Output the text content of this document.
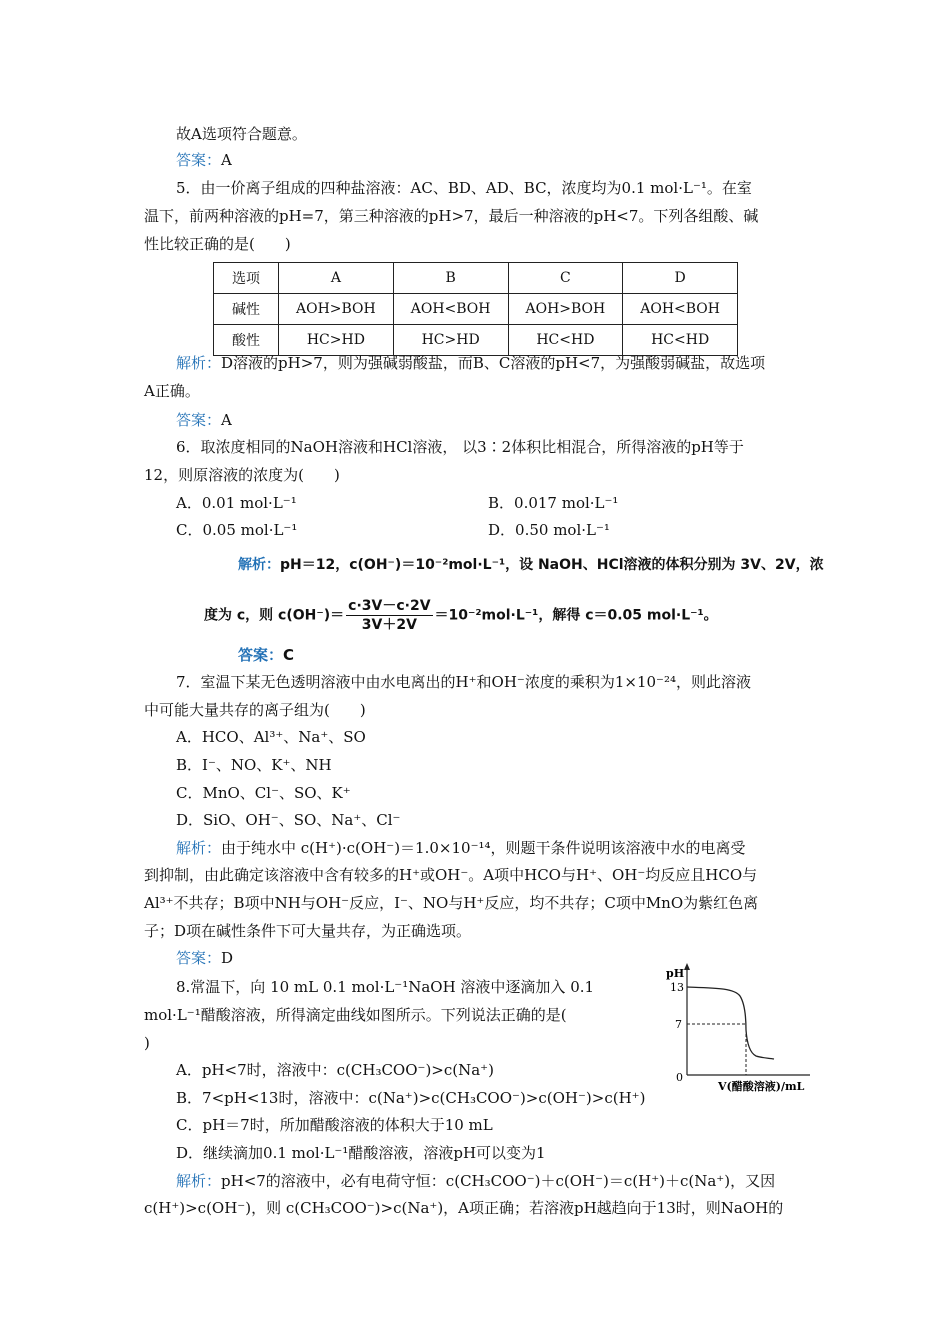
故A选项符合题意。
答案：A
5．由一价离子组成的四种盐溶液：AC、BD、AD、BC，浓度均为0.1 mol·L⁻¹。在室
温下，前两种溶液的pH=7，第三种溶液的pH>7，最后一种溶液的pH<7。下列各组酸、碱
性比较正确的是(　　)
选项	A	B	C	D
碱性	AOH>BOH	AOH<BOH	AOH>BOH	AOH<BOH
酸性	HC>HD	HC>HD	HC<HD	HC<HD
解析：D溶液的pH>7，则为强碱弱酸盐，而B、C溶液的pH<7，为强酸弱碱盐，故选项
A正确。
答案：A
6．取浓度相同的NaOH溶液和HCl溶液， 以3∶2体积比相混合，所得溶液的pH等于
12，则原溶液的浓度为(　　)
A．0.01 mol·L⁻¹	B．0.017 mol·L⁻¹
C．0.05 mol·L⁻¹	D．0.50 mol·L⁻¹
解析：pH＝12，c(OH⁻)＝10⁻²mol·L⁻¹，设 NaOH、HCl溶液的体积分别为 3V、2V，浓
度为 c，则 $c(OH^-)= \frac{c\cdot 3V-c\cdot 2V}{3V+2V} =10^{-2}mol\cdot L^{-1}$，解得 c＝0.05 mol·L⁻¹。
答案：C
7．室温下某无色透明溶液中由水电离出的H⁺和OH⁻浓度的乘积为1×10⁻²⁴，则此溶液
中可能大量共存的离子组为(　　)
A．HCO、Al³⁺、Na⁺、SO
B．I⁻、NO、K⁺、NH
C．MnO、Cl⁻、SO、K⁺
D．SiO、OH⁻、SO、Na⁺、Cl⁻
解析：由于纯水中 c(H⁺)·c(OH⁻)＝1.0×10⁻¹⁴，则题干条件说明该溶液中水的电离受
到抑制，由此确定该溶液中含有较多的H⁺或OH⁻。A项中HCO与H⁺、OH⁻均反应且HCO与
Al³⁺不共存；B项中NH与OH⁻反应，I⁻、NO与H⁺反应，均不共存；C项中MnO为紫红色离
子；D项在碱性条件下可大量共存，为正确选项。
答案：D
8.常温下，向 10 mL 0.1 mol·L⁻¹NaOH 溶液中逐滴加入 0.1
mol·L⁻¹醋酸溶液，所得滴定曲线如图所示。下列说法正确的是(
)
A．pH<7时，溶液中：c(CH₃COO⁻)>c(Na⁺)
B．7<pH<13时，溶液中：c(Na⁺)>c(CH₃COO⁻)>c(OH⁻)>c(H⁺)
C．pH＝7时，所加醋酸溶液的体积大于10 mL
D．继续滴加0.1 mol·L⁻¹醋酸溶液，溶液pH可以变为1
解析：pH<7的溶液中，必有电荷守恒：c(CH₃COO⁻)＋c(OH⁻)＝c(H⁺)＋c(Na⁺)，又因
c(H⁺)>c(OH⁻)，则 c(CH₃COO⁻)>c(Na⁺)，A项正确；若溶液pH越趋向于13时，则NaOH的
pH
13
7
0
V(醋酸溶液)/mL
